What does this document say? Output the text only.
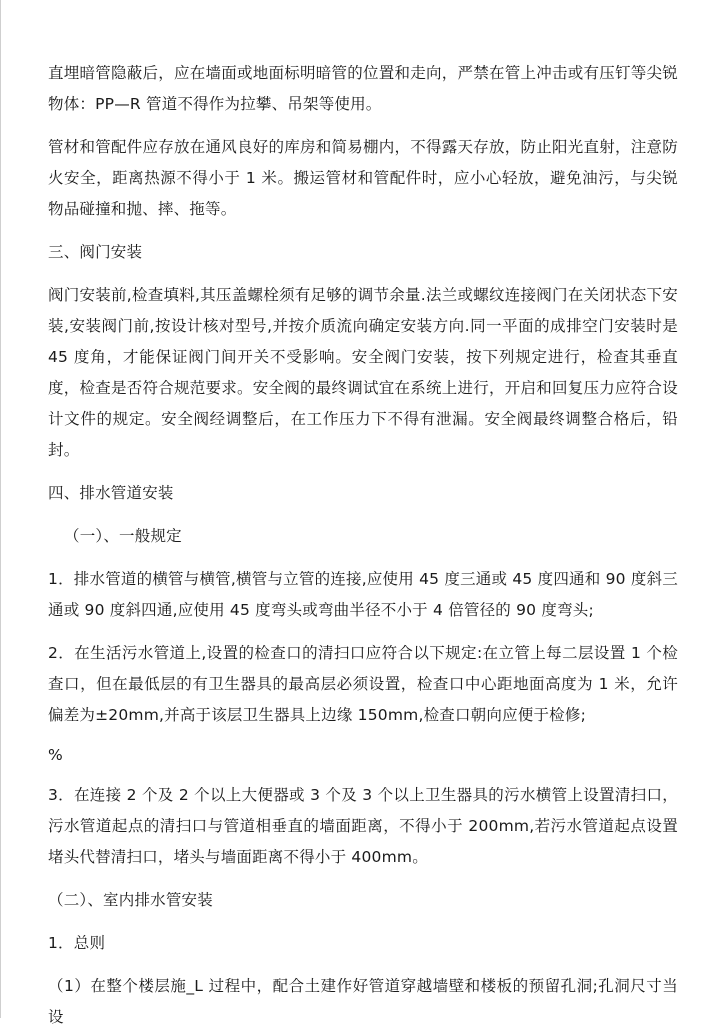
直埋暗管隐蔽后，应在墙面或地面标明暗管的位置和走向，严禁在管上冲击或有压钉等尖锐物体：PP—R 管道不得作为拉攀、吊架等使用。

管材和管配件应存放在通风良好的库房和简易棚内，不得露天存放，防止阳光直射，注意防火安全，距离热源不得小于 1 米。搬运管材和管配件时，应小心轻放，避免油污，与尖锐物品碰撞和抛、摔、拖等。

三、阀门安装

阀门安装前,检查填料,其压盖螺栓须有足够的调节余量.法兰或螺纹连接阀门在关闭状态下安装,安装阀门前,按设计核对型号,并按介质流向确定安装方向.同一平面的成排空门安装时是 45 度角，才能保证阀门间开关不受影响。安全阀门安装，按下列规定进行，检查其垂直度，检查是否符合规范要求。安全阀的最终调试宜在系统上进行，开启和回复压力应符合设计文件的规定。安全阀经调整后，在工作压力下不得有泄漏。安全阀最终调整合格后，铅封。

四、排水管道安装

（一）、一般规定

1．排水管道的横管与横管,横管与立管的连接,应使用 45 度三通或 45 度四通和 90 度斜三通或 90 度斜四通,应使用 45 度弯头或弯曲半径不小于 4 倍管径的 90 度弯头;

2．在生活污水管道上,设置的检查口的清扫口应符合以下规定:在立管上每二层设置 1 个检查口，但在最低层的有卫生器具的最高层必须设置，检查口中心距地面高度为 1 米，允许偏差为±20mm,并高于该层卫生器具上边缘 150mm,检查口朝向应便于检修;

%

3．在连接 2 个及 2 个以上大便器或 3 个及 3 个以上卫生器具的污水横管上设置清扫口，污水管道起点的清扫口与管道相垂直的墙面距离，不得小于 200mm,若污水管道起点设置堵头代替清扫口，堵头与墙面距离不得小于 400mm。

（二）、室内排水管安装

1．总则

（1）在整个楼层施_L 过程中，配合土建作好管道穿越墙壁和楼板的预留孔洞;孔洞尺寸当设
